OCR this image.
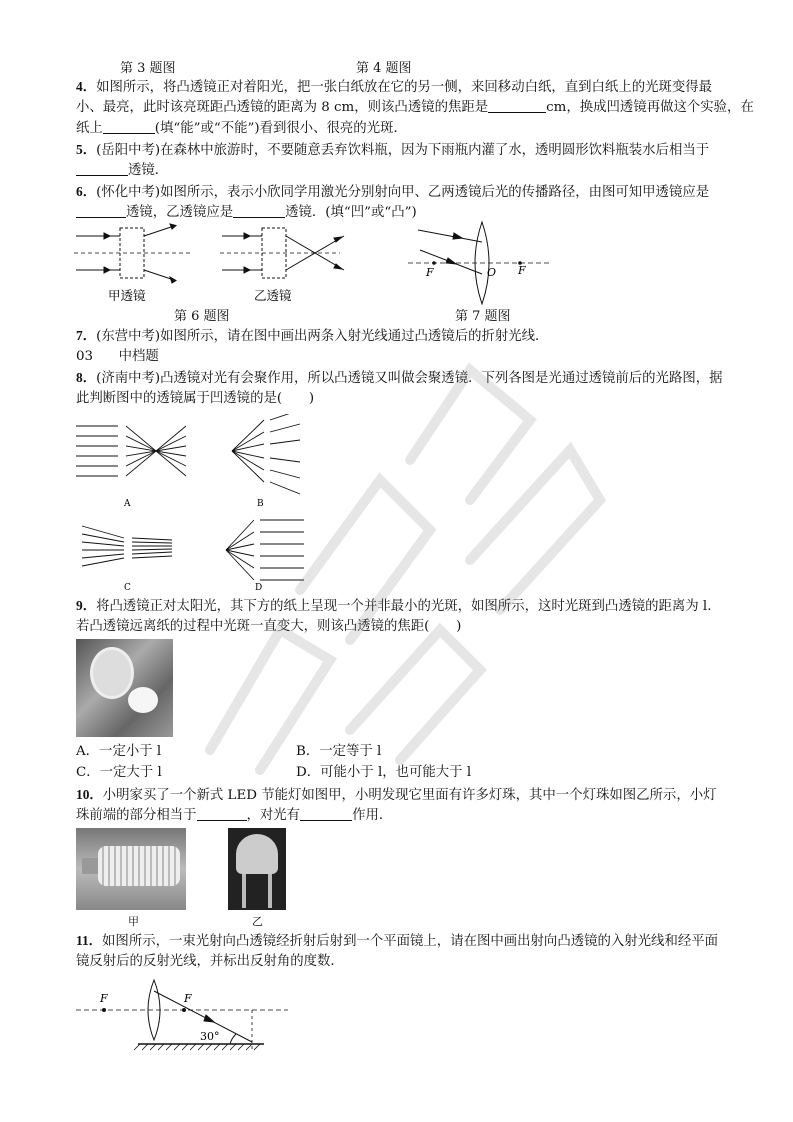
第 3 题图	第 4 题图
4．如图所示，将凸透镜正对着阳光，把一张白纸放在它的另一侧，来回移动白纸，直到白纸上的光斑变得最
小、最亮，此时该亮斑距凸透镜的距离为 8 cm，则该凸透镜的焦距是	cm，换成凹透镜再做这个实验，在
纸上	(填“能”或“不能”)看到很小、很亮的光斑．
5．(岳阳中考)在森林中旅游时，不要随意丢弃饮料瓶，因为下雨瓶内灌了水，透明圆形饮料瓶装水后相当于
透镜．
6．(怀化中考)如图所示，表示小欣同学用激光分别射向甲、乙两透镜后光的传播路径，由图可知甲透镜应是
透镜，乙透镜应是	透镜．(填“凹”或“凸”)
甲透镜	乙透镜
F	O F
第 6 题图	第 7 题图
7．(东营中考)如图所示，请在图中画出两条入射光线通过凸透镜后的折射光线．
03 中档题
8．(济南中考)凸透镜对光有会聚作用，所以凸透镜又叫做会聚透镜．下列各图是光通过透镜前后的光路图，据
此判断图中的透镜属于凹透镜的是(　　)
A	B
C	D
9．将凸透镜正对太阳光，其下方的纸上呈现一个并非最小的光斑，如图所示，这时光斑到凸透镜的距离为 l.
若凸透镜远离纸的过程中光斑一直变大，则该凸透镜的焦距(　　)
A．一定小于 l	B．一定等于 l
C．一定大于 l	D．可能小于 l，也可能大于 l
10．小明家买了一个新式 LED 节能灯如图甲，小明发现它里面有许多灯珠，其中一个灯珠如图乙所示，小灯
珠前端的部分相当于	，对光有	作用．
甲	乙
11．如图所示，一束光射向凸透镜经折射后射到一个平面镜上，请在图中画出射向凸透镜的入射光线和经平面
镜反射后的反射光线，并标出反射角的度数．
F	F
30°
